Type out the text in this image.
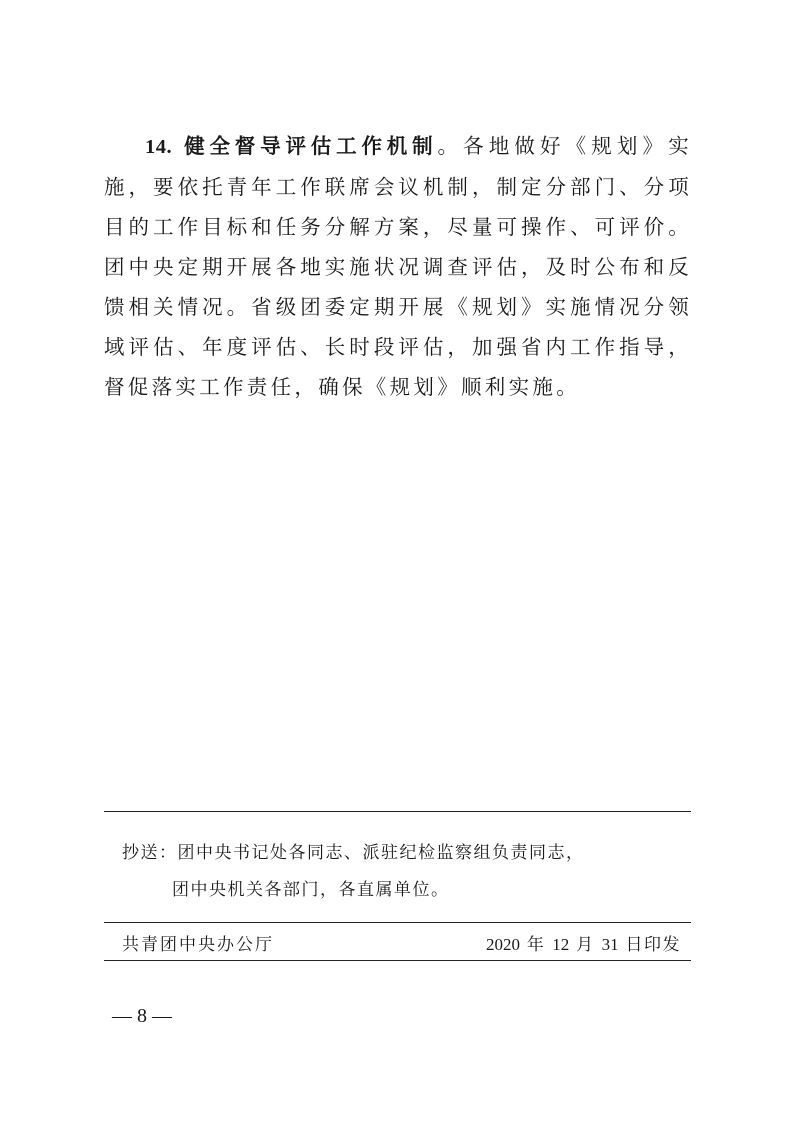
14. 健全督导评估工作机制。各地做好《规划》实施，要依托青年工作联席会议机制，制定分部门、分项目的工作目标和任务分解方案，尽量可操作、可评价。团中央定期开展各地实施状况调查评估，及时公布和反馈相关情况。省级团委定期开展《规划》实施情况分领域评估、年度评估、长时段评估，加强省内工作指导，督促落实工作责任，确保《规划》顺利实施。

抄送：团中央书记处各同志、派驻纪检监察组负责同志，
团中央机关各部门，各直属单位。
共青团中央办公厅	2020 年 12 月 31 日印发
— 8 —
